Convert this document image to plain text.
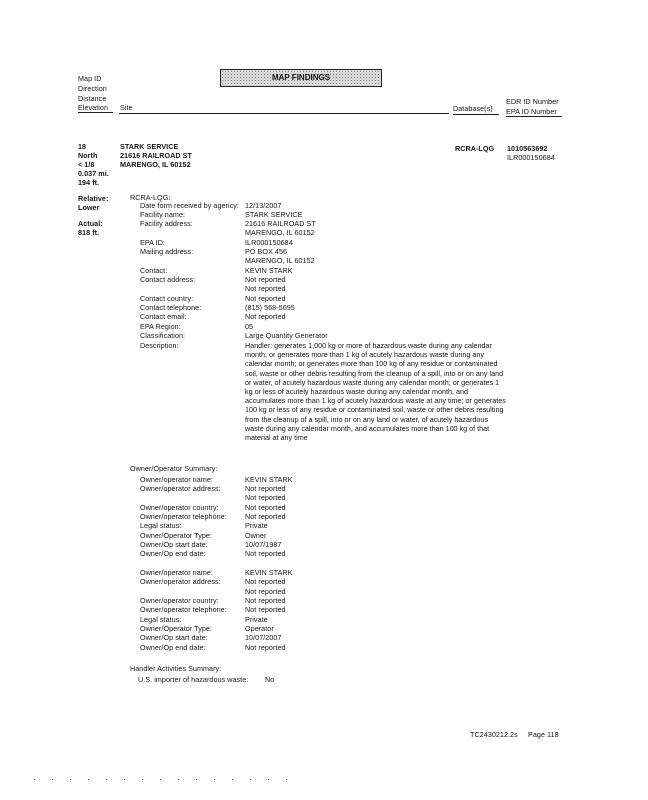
Map ID
Direction
Distance
Elevation Site
MAP FINDINGS
Database(s)
EDR ID Number
EPA ID Number
18
North
< 1/8
0.037 mi.
194 ft.
STARK SERVICE
21616 RAILROAD ST
MARENGO, IL 60152
RCRA-LQG 1010563692
ILR000150684
Relative:
Lower
Actual:
818 ft.
RCRA-LQG:
Date form received by agency: 12/13/2007
Facility name:	STARK SERVICE
Facility address:	21616 RAILROAD ST
MARENGO, IL 60152
EPA ID:	ILR000150684
Mailing address:	PO BOX 456
MARENGO, IL 60152
Contact:	KEVIN STARK
Contact address:	Not reported
Not reported
Contact country:	Not reported
Contact telephone:	(815) 568-5695
Contact email:	Not reported
EPA Region:	05
Classification:	Large Quantity Generator
Description:	Handler: generates 1,000 kg or more of hazardous waste during any calendar month; or generates more than 1 kg of acutely hazardous waste during any calendar month; or generates more than 100 kg of any residue or contaminated soil, waste or other debris resulting from the cleanup of a spill, into or on any land or water, of acutely hazardous waste during any calendar month; or generates 1 kg or less of acutely hazardous waste during any calendar month, and accumulates more than 1 kg of acutely hazardous waste at any time; or generates 100 kg or less of any residue or contaminated soil, waste or other debris resulting from the cleanup of a spill, into or on any land or water, of acutely hazardous waste during any calendar month, and accumulates more than 100 kg of that material at any time
Owner/Operator Summary:
Owner/operator name:	KEVIN STARK
Owner/operator address:	Not reported
Not reported
Owner/operator country:	Not reported
Owner/operator telephone:	Not reported
Legal status:	Private
Owner/Operator Type:	Owner
Owner/Op start date:	10/07/1987
Owner/Op end date:	Not reported
Owner/operator name:	KEVIN STARK
Owner/operator address:	Not reported
Not reported
Owner/operator country:	Not reported
Owner/operator telephone:	Not reported
Legal status:	Private
Owner/Operator Type:	Operator
Owner/Op start date:	10/07/2007
Owner/Op end date:	Not reported
Handler Activities Summary:
U.S. importer of hazardous waste: No
TC2430212.2s Page 118
